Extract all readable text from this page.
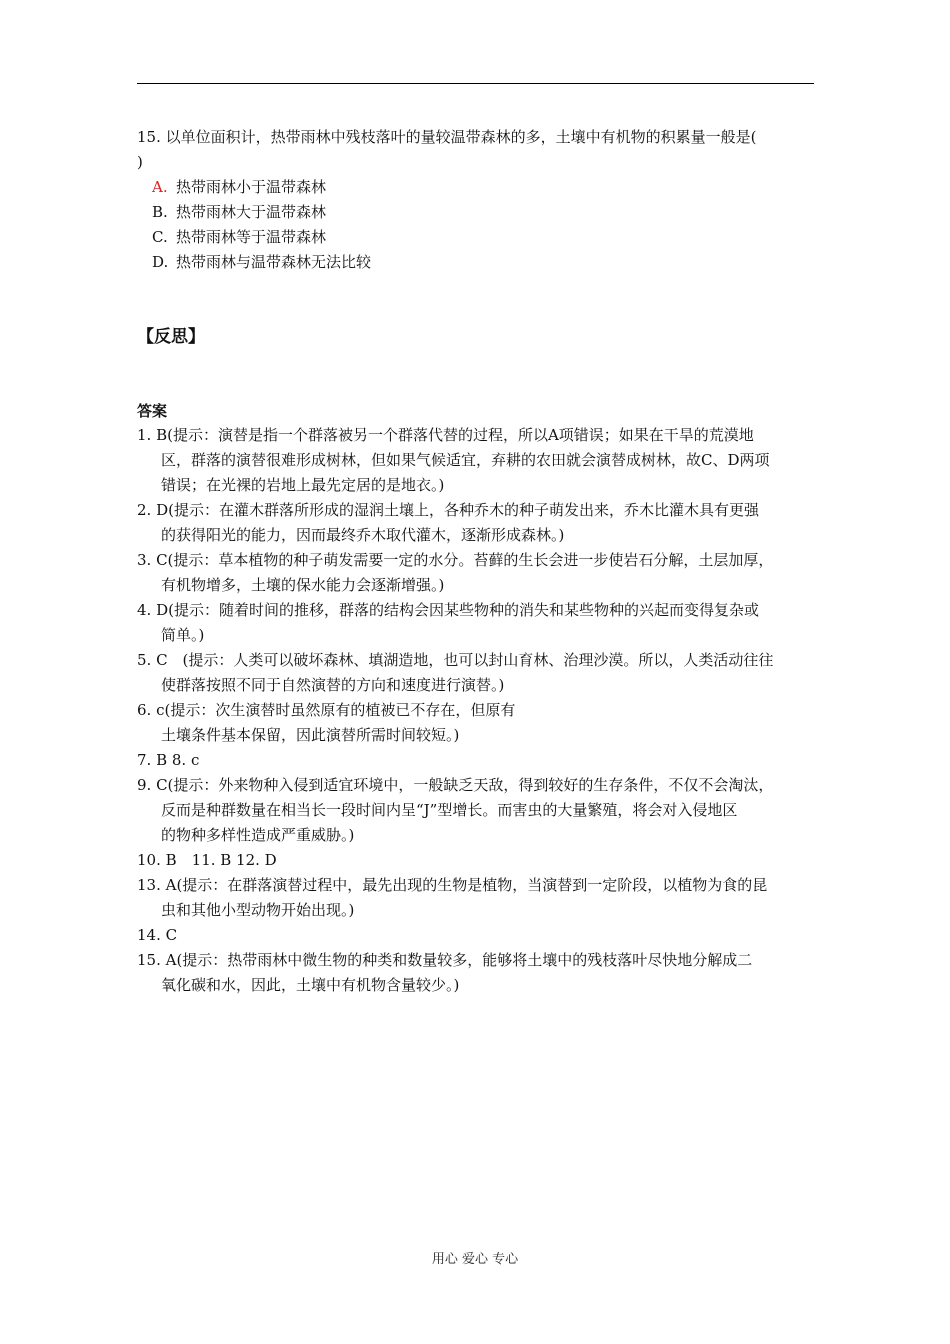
15. 以单位面积计，热带雨林中残枝落叶的量较温带森林的多，土壤中有机物的积累量一般是(
)

A. 热带雨林小于温带森林

B. 热带雨林大于温带森林

C. 热带雨林等于温带森林

D. 热带雨林与温带森林无法比较

【反思】
答案

1. B(提示：演替是指一个群落被另一个群落代替的过程，所以A项错误；如果在干旱的荒漠地
区，群落的演替很难形成树林，但如果气候适宜，弃耕的农田就会演替成树林，故C、D两项
错误；在光裸的岩地上最先定居的是地衣。)

2. D(提示：在灌木群落所形成的湿润土壤上，各种乔木的种子萌发出来，乔木比灌木具有更强
的获得阳光的能力，因而最终乔木取代灌木，逐渐形成森林。)

3. C(提示：草本植物的种子萌发需要一定的水分。苔藓的生长会进一步使岩石分解，土层加厚，
有机物增多，土壤的保水能力会逐渐增强。)

4. D(提示：随着时间的推移，群落的结构会因某些物种的消失和某些物种的兴起而变得复杂或
简单。)

5. C　(提示：人类可以破坏森林、填湖造地，也可以封山育林、治理沙漠。所以，人类活动往往
使群落按照不同于自然演替的方向和速度进行演替。)

6. c(提示：次生演替时虽然原有的植被已不存在，但原有
土壤条件基本保留，因此演替所需时间较短。)

7. B 8. c

9. C(提示：外来物种入侵到适宜环境中，一般缺乏天敌，得到较好的生存条件，不仅不会淘汰，
反而是种群数量在相当长一段时间内呈“J”型增长。而害虫的大量繁殖，将会对入侵地区
的物种多样性造成严重威胁。)

10. B　11. B 12. D

13. A(提示：在群落演替过程中，最先出现的生物是植物，当演替到一定阶段，以植物为食的昆
虫和其他小型动物开始出现。)

14. C

15. A(提示：热带雨林中微生物的种类和数量较多，能够将土壤中的残枝落叶尽快地分解成二
氧化碳和水，因此，土壤中有机物含量较少。)

用心 爱心 专心
